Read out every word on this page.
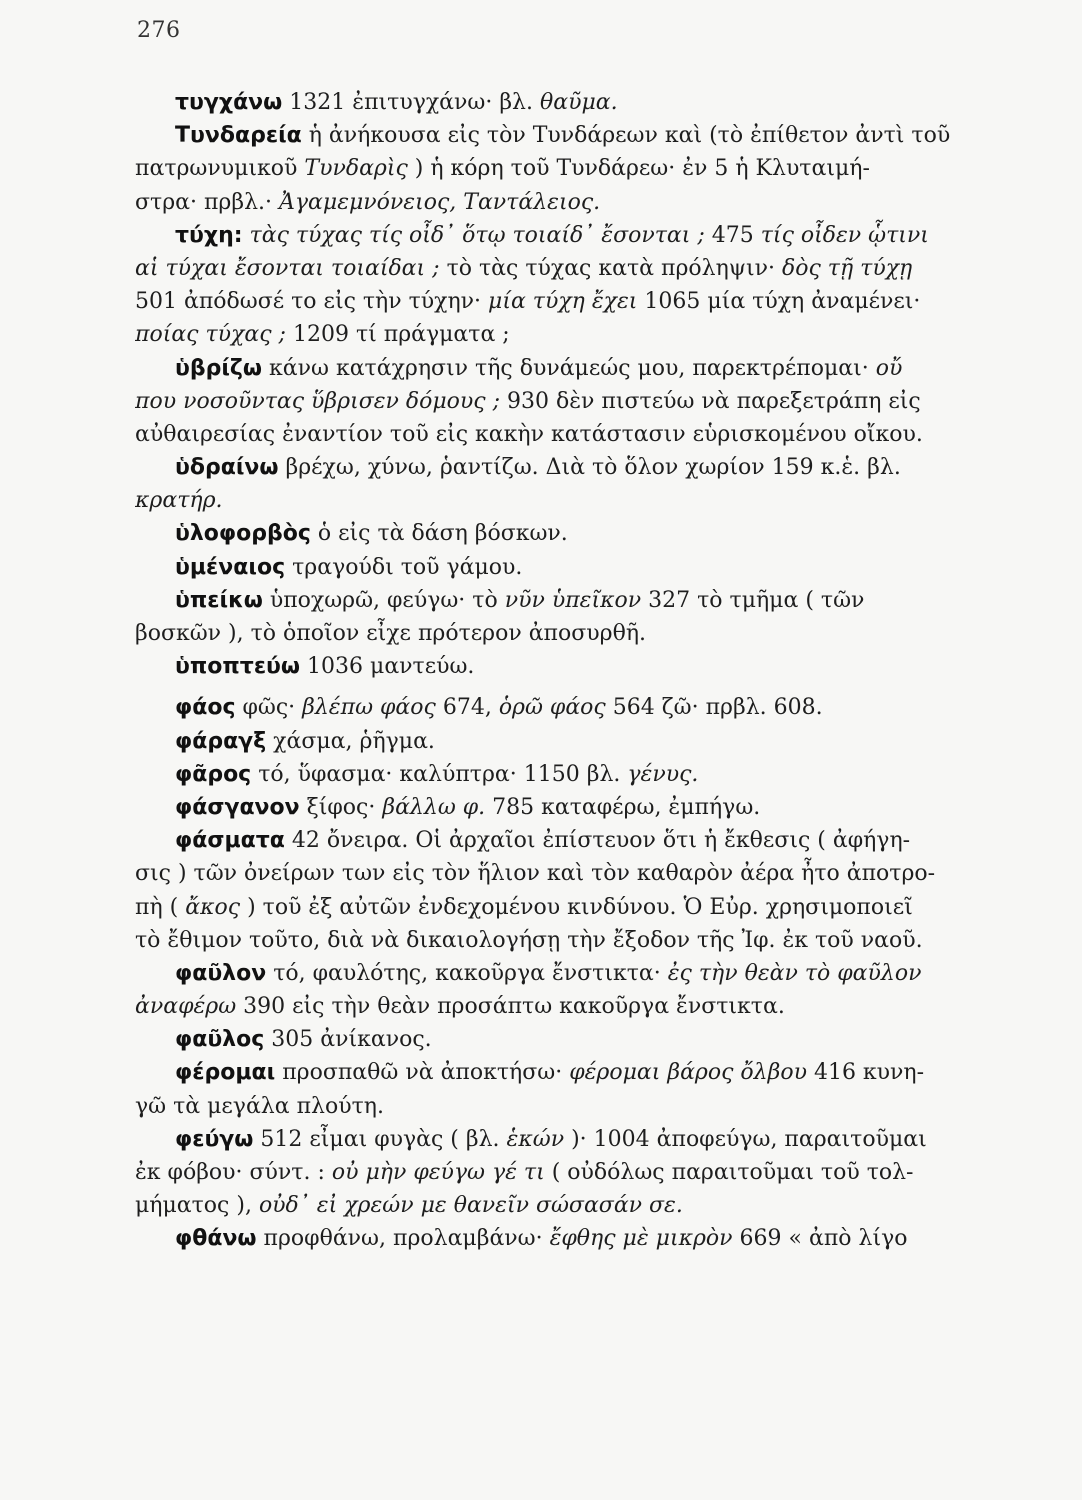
276
τυγχάνω 1321 ἐπιτυγχάνω· βλ. θαῦμα.
Τυνδαρεία ἡ ἀνήκουσα εἰς τὸν Τυνδάρεων καὶ (τὸ ἐπίθετον ἀντὶ τοῦ
πατρωνυμικοῦ Τυνδαρὶς ) ἡ κόρη τοῦ Τυνδάρεω· ἐν 5 ἡ Κλυταιμή-
στρα· πρβλ.· Ἀγαμεμνόνειος, Ταντάλειος.
τύχη: τὰς τύχας τίς οἶδ᾽ ὅτῳ τοιαίδ᾽ ἔσονται ; 475 τίς οἶδεν ᾧτινι
αἱ τύχαι ἔσονται τοιαίδαι ; τὸ τὰς τύχας κατὰ πρόληψιν· δὸς τῇ τύχῃ
501 ἀπόδωσέ το εἰς τὴν τύχην· μία τύχη ἔχει 1065 μία τύχη ἀναμένει·
ποίας τύχας ; 1209 τί πράγματα ;
ὑβρίζω κάνω κατάχρησιν τῆς δυνάμεώς μου, παρεκτρέπομαι· οὔ
που νοσοῦντας ὕβρισεν δόμους ; 930 δὲν πιστεύω νὰ παρεξετράπη εἰς
αὐθαιρεσίας ἐναντίον τοῦ εἰς κακὴν κατάστασιν εὑρισκομένου οἴκου.
ὑδραίνω βρέχω, χύνω, ῥαντίζω. Διὰ τὸ ὅλον χωρίον 159 κ.ἑ. βλ.
κρατήρ.
ὑλοφορβὸς ὁ εἰς τὰ δάση βόσκων.
ὑμέναιος τραγούδι τοῦ γάμου.
ὑπείκω ὑποχωρῶ, φεύγω· τὸ νῦν ὑπεῖκον 327 τὸ τμῆμα ( τῶν
βοσκῶν ), τὸ ὁποῖον εἶχε πρότερον ἀποσυρθῆ.
ὑποπτεύω 1036 μαντεύω.
φάος φῶς· βλέπω φάος 674, ὁρῶ φάος 564 ζῶ· πρβλ. 608.
φάραγξ χάσμα, ῥῆγμα.
φᾶρος τό, ὕφασμα· καλύπτρα· 1150 βλ. γένυς.
φάσγανον ξίφος· βάλλω φ. 785 καταφέρω, ἐμπήγω.
φάσματα 42 ὄνειρα. Οἱ ἀρχαῖοι ἐπίστευον ὅτι ἡ ἔκθεσις ( ἀφήγη-
σις ) τῶν ὀνείρων των εἰς τὸν ἥλιον καὶ τὸν καθαρὸν ἀέρα ἦτο ἀποτρο-
πὴ ( ἄκος ) τοῦ ἐξ αὐτῶν ἐνδεχομένου κινδύνου. Ὁ Εὐρ. χρησιμοποιεῖ
τὸ ἔθιμον τοῦτο, διὰ νὰ δικαιολογήσῃ τὴν ἔξοδον τῆς Ἰφ. ἐκ τοῦ ναοῦ.
φαῦλον τό, φαυλότης, κακοῦργα ἔνστικτα· ἐς τὴν θεὰν τὸ φαῦλον
ἀναφέρω 390 εἰς τὴν θεὰν προσάπτω κακοῦργα ἔνστικτα.
φαῦλος 305 ἀνίκανος.
φέρομαι προσπαθῶ νὰ ἀποκτήσω· φέρομαι βάρος ὄλβου 416 κυνη-
γῶ τὰ μεγάλα πλούτη.
φεύγω 512 εἶμαι φυγὰς ( βλ. ἑκών )· 1004 ἀποφεύγω, παραιτοῦμαι
ἐκ φόβου· σύντ. : οὐ μὴν φεύγω γέ τι ( οὐδόλως παραιτοῦμαι τοῦ τολ-
μήματος ), οὐδ᾽ εἰ χρεών με θανεῖν σώσασάν σε.
φθάνω προφθάνω, προλαμβάνω· ἔφθης μὲ μικρὸν 669 « ἀπὸ λίγο
